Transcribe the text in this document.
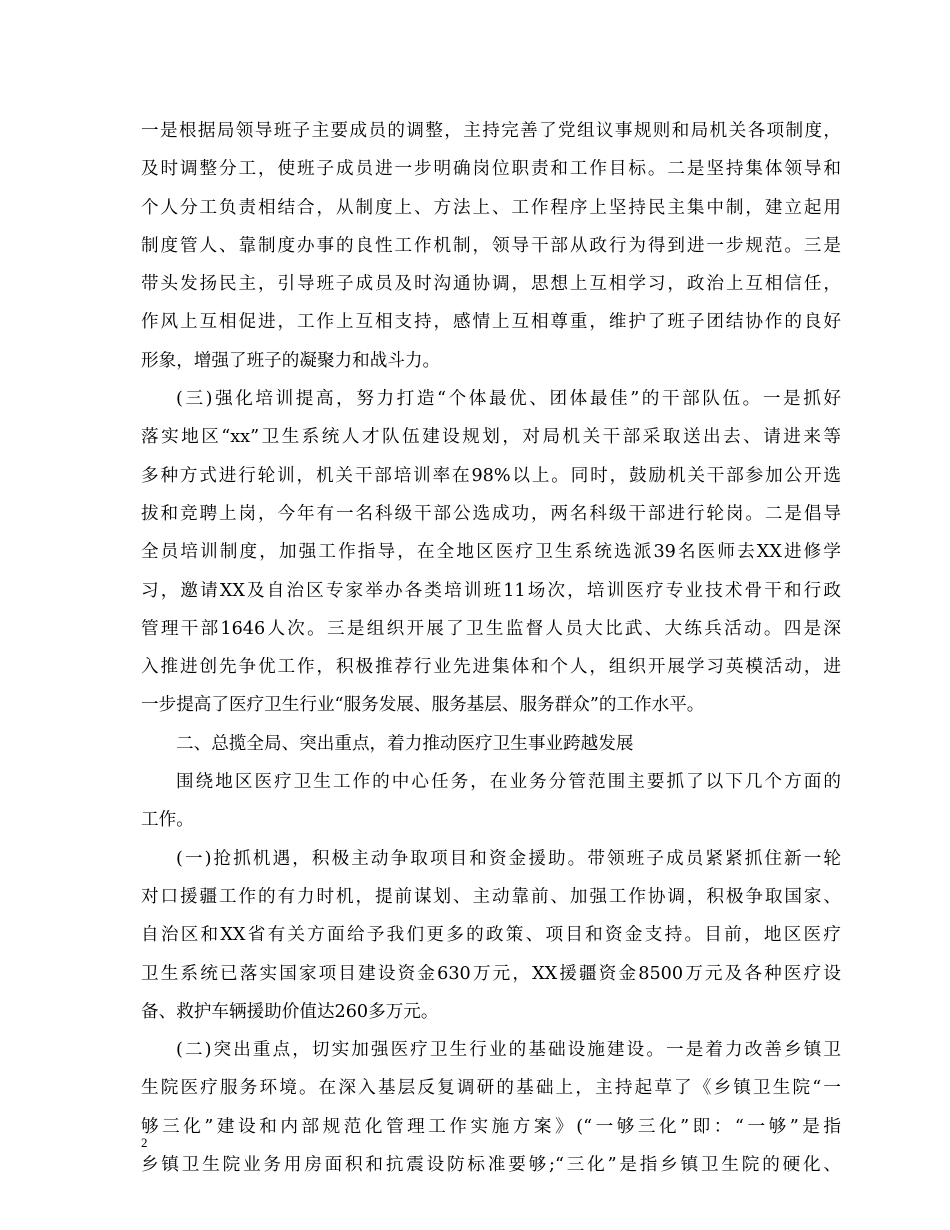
一是根据局领导班子主要成员的调整，主持完善了党组议事规则和局机关各项制度，
及时调整分工，使班子成员进一步明确岗位职责和工作目标。二是坚持集体领导和
个人分工负责相结合，从制度上、方法上、工作程序上坚持民主集中制，建立起用
制度管人、靠制度办事的良性工作机制，领导干部从政行为得到进一步规范。三是
带头发扬民主，引导班子成员及时沟通协调，思想上互相学习，政治上互相信任，
作风上互相促进，工作上互相支持，感情上互相尊重，维护了班子团结协作的良好
形象，增强了班子的凝聚力和战斗力。
(三)强化培训提高，努力打造“个体最优、团体最佳”的干部队伍。一是抓好
落实地区“xx”卫生系统人才队伍建设规划，对局机关干部采取送出去、请进来等
多种方式进行轮训，机关干部培训率在98%以上。同时，鼓励机关干部参加公开选
拔和竞聘上岗，今年有一名科级干部公选成功，两名科级干部进行轮岗。二是倡导
全员培训制度，加强工作指导，在全地区医疗卫生系统选派39名医师去XX进修学
习，邀请XX及自治区专家举办各类培训班11场次，培训医疗专业技术骨干和行政
管理干部1646人次。三是组织开展了卫生监督人员大比武、大练兵活动。四是深
入推进创先争优工作，积极推荐行业先进集体和个人，组织开展学习英模活动，进
一步提高了医疗卫生行业“服务发展、服务基层、服务群众”的工作水平。
二、总揽全局、突出重点，着力推动医疗卫生事业跨越发展
围绕地区医疗卫生工作的中心任务，在业务分管范围主要抓了以下几个方面的
工作。
(一)抢抓机遇，积极主动争取项目和资金援助。带领班子成员紧紧抓住新一轮
对口援疆工作的有力时机，提前谋划、主动靠前、加强工作协调，积极争取国家、
自治区和XX省有关方面给予我们更多的政策、项目和资金支持。目前，地区医疗
卫生系统已落实国家项目建设资金630万元，XX援疆资金8500万元及各种医疗设
备、救护车辆援助价值达260多万元。
(二)突出重点，切实加强医疗卫生行业的基础设施建设。一是着力改善乡镇卫
生院医疗服务环境。在深入基层反复调研的基础上，主持起草了《乡镇卫生院“一
够三化”建设和内部规范化管理工作实施方案》(“一够三化”即：“一够”是指
乡镇卫生院业务用房面积和抗震设防标准要够;“三化”是指乡镇卫生院的硬化、
2
